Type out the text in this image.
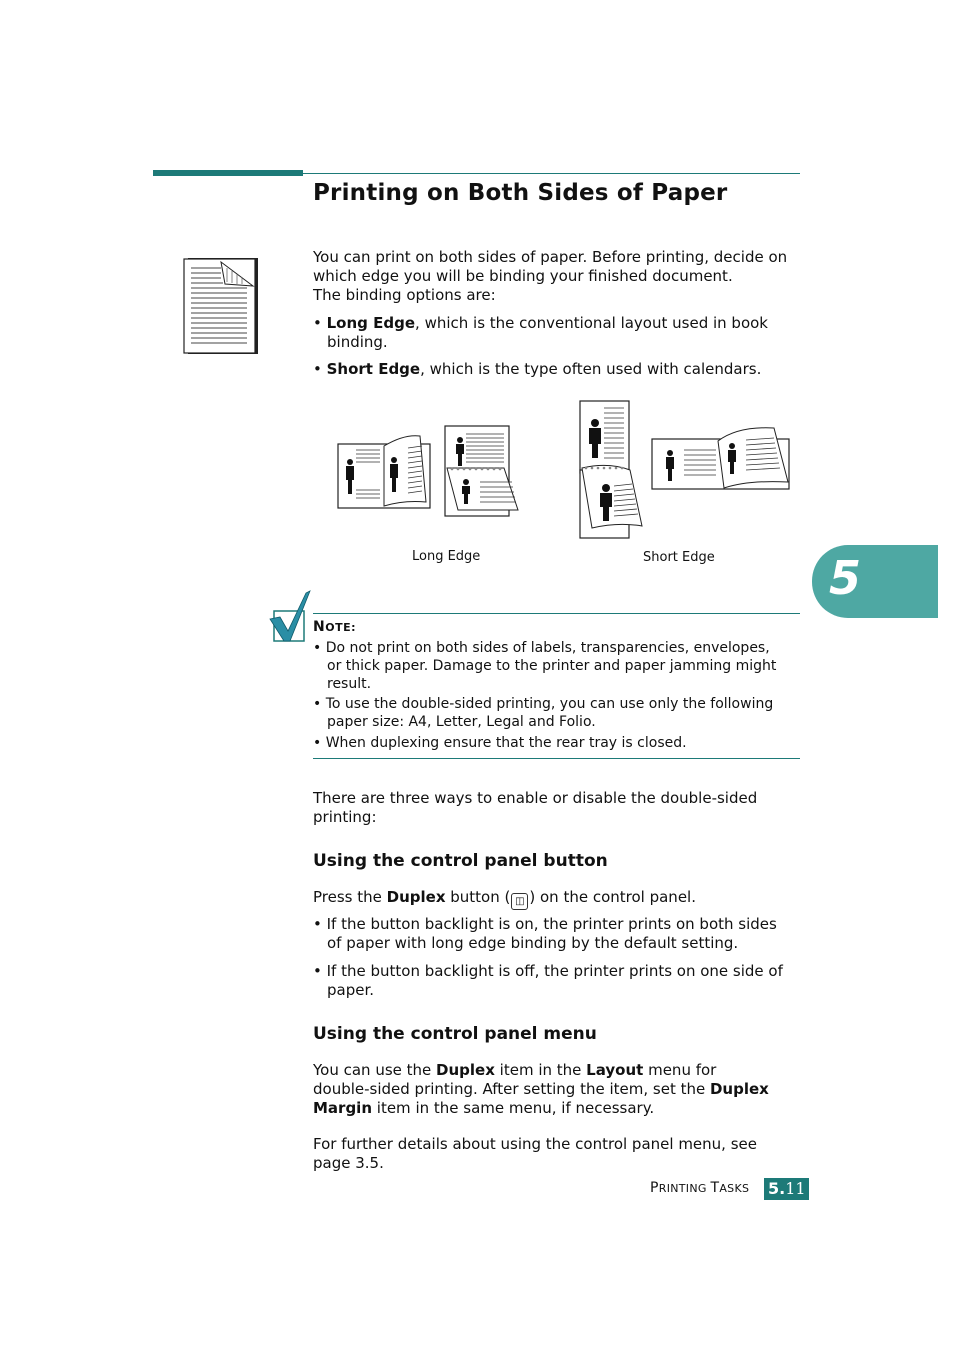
Printing on Both Sides of Paper
You can print on both sides of paper. Before printing, decide on
which edge you will be binding your finished document.
The binding options are:
• Long Edge, which is the conventional layout used in book
binding.
• Short Edge, which is the type often used with calendars.
Long Edge	Short Edge 5
NOTE:
• Do not print on both sides of labels, transparencies, envelopes,
or thick paper. Damage to the printer and paper jamming might
result.
• To use the double-sided printing, you can use only the following
paper size: A4, Letter, Legal and Folio.
• When duplexing ensure that the rear tray is closed.
There are three ways to enable or disable the double-sided
printing:
Using the control panel button
Press the Duplex button ( ◫ ) on the control panel.
• If the button backlight is on, the printer prints on both sides
of paper with long edge binding by the default setting.
• If the button backlight is off, the printer prints on one side of
paper.
Using the control panel menu
You can use the Duplex item in the Layout menu for
double-sided printing. After setting the item, set the Duplex
Margin item in the same menu, if necessary.
For further details about using the control panel menu, see
page 3.5.
PRINTING TASKS 5.11
